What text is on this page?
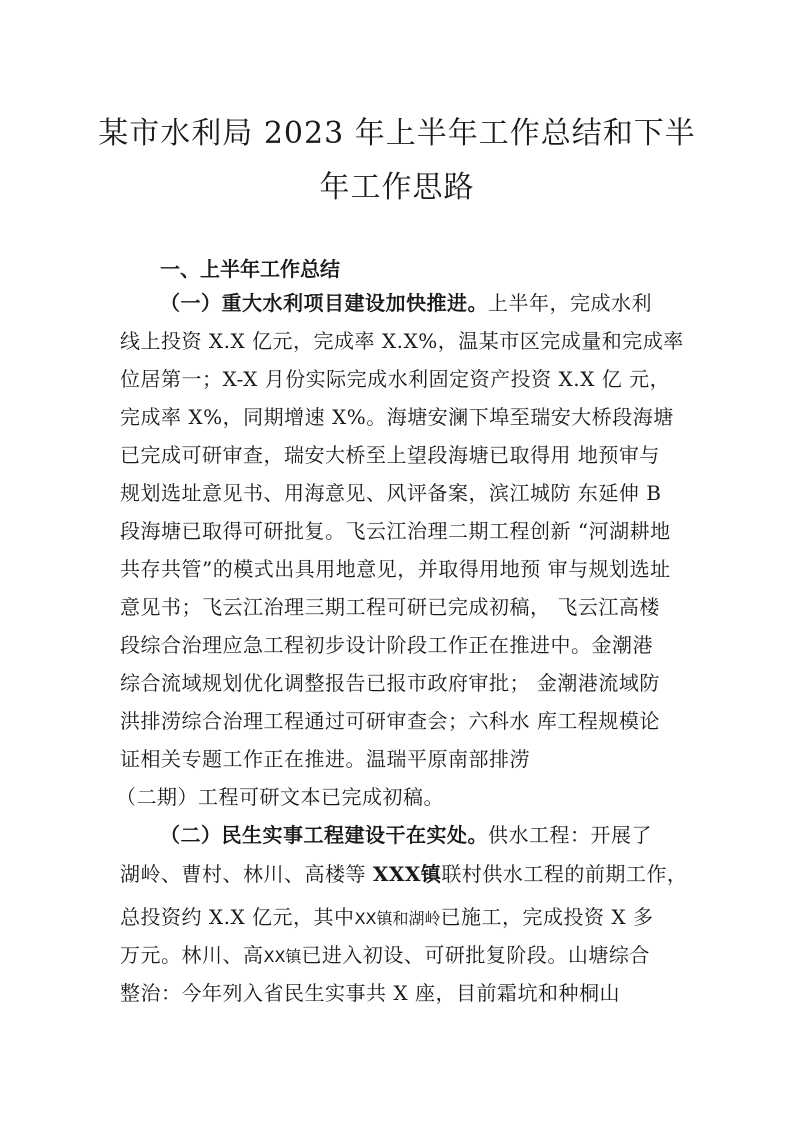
某市水利局 2023 年上半年工作总结和下半
年工作思路
一、上半年工作总结
（一）重大水利项目建设加快推进。上半年，完成水利
线上投资 X.X 亿元，完成率 X.X%，温某市区完成量和完成率
位居第一；X-X 月份实际完成水利固定资产投资 X.X 亿 元，
完成率 X%，同期增速 X%。海塘安澜下埠至瑞安大桥段海塘
已完成可研审查，瑞安大桥至上望段海塘已取得用 地预审与
规划选址意见书、用海意见、风评备案，滨江城防 东延伸 B
段海塘已取得可研批复。飞云江治理二期工程创新 “河湖耕地
共存共管”的模式出具用地意见，并取得用地预 审与规划选址
意见书；飞云江治理三期工程可研已完成初稿， 飞云江高楼
段综合治理应急工程初步设计阶段工作正在推进中。金潮港
综合流域规划优化调整报告已报市政府审批； 金潮港流域防
洪排涝综合治理工程通过可研审查会；六科水 库工程规模论
证相关专题工作正在推进。温瑞平原南部排涝
（二期）工程可研文本已完成初稿。
（二）民生实事工程建设干在实处。供水工程：开展了
湖岭、曹村、林川、高楼等 XXX镇联村供水工程的前期工作，
总投资约 X.X 亿元，其中XX镇和湖岭已施工，完成投资 X 多
万元。林川、高XX镇已进入初设、可研批复阶段。山塘综合
整治：今年列入省民生实事共 X 座，目前霜坑和种桐山
